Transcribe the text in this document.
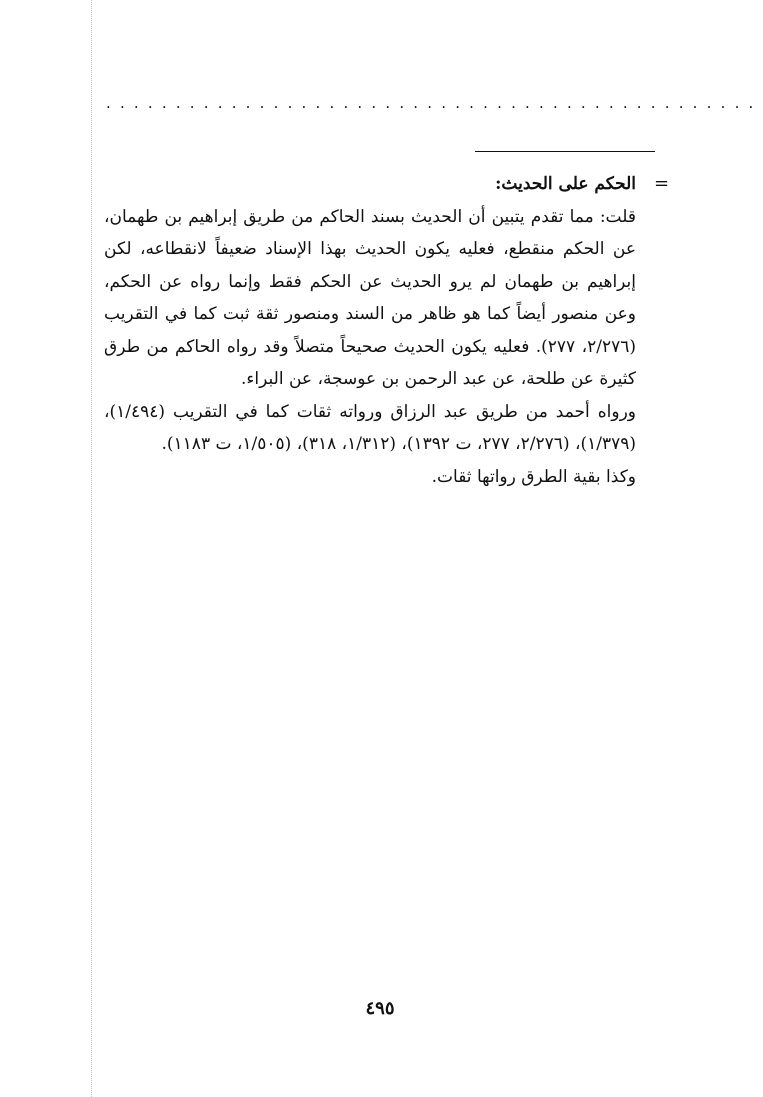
...............................................
=

الحكم على الحديث:

قلت: مما تقدم يتبين أن الحديث بسند الحاكم من طريق إبراهيم بن طهمان، عن الحكم منقطع، فعليه يكون الحديث بهذا الإسناد ضعيفاً لانقطاعه، لكن إبراهيم بن طهمان لم يرو الحديث عن الحكم فقط وإنما رواه عن الحكم، وعن منصور أيضاً كما هو ظاهر من السند ومنصور ثقة ثبت كما في التقريب (٢/٢٧٦، ٢٧٧). فعليه يكون الحديث صحيحاً متصلاً وقد رواه الحاكم من طرق كثيرة عن طلحة، عن عبد الرحمن بن عوسجة، عن البراء.

ورواه أحمد من طريق عبد الرزاق ورواته ثقات كما في التقريب (١/٤٩٤)، (١/٣٧٩)، (٢/٢٧٦، ٢٧٧، ت ١٣٩٢)، (١/٣١٢، ٣١٨)، (١/٥٠٥، ت ١١٨٣).

وكذا بقية الطرق رواتها ثقات.

٤٩٥
